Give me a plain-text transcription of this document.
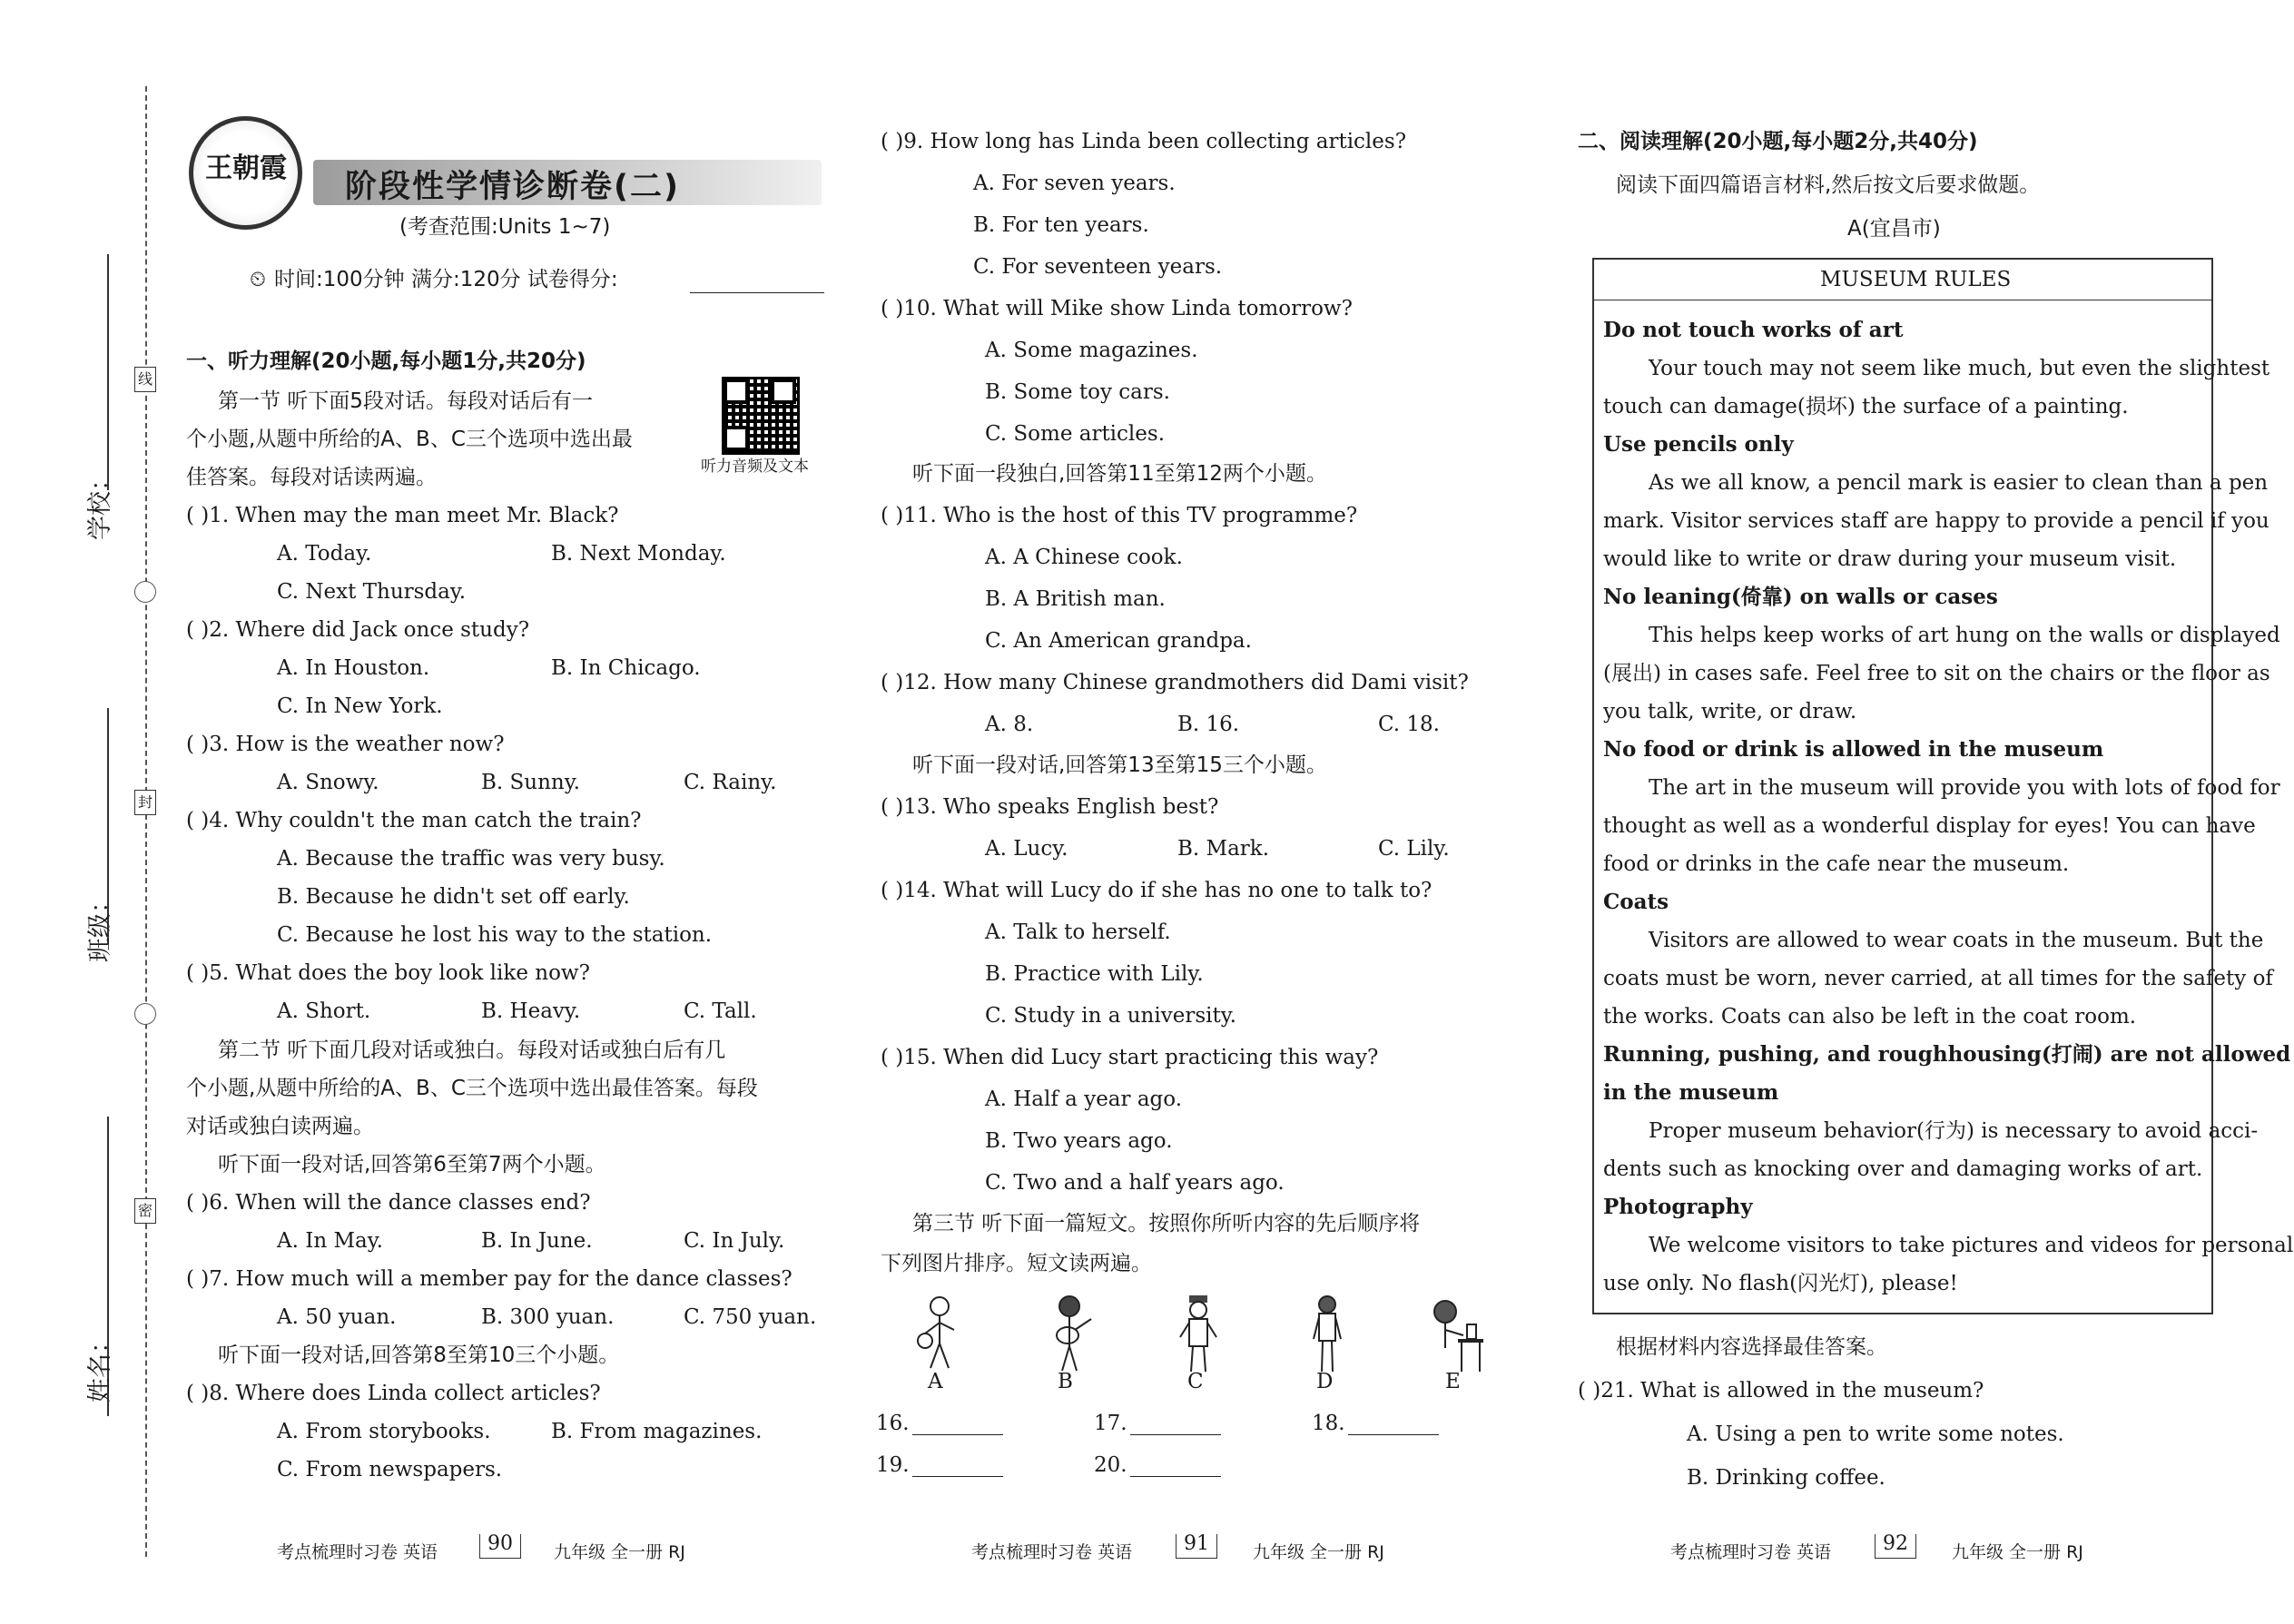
线
封
密
学校：
班级：
姓名：
王朝霞
阶段性学情诊断卷(二)
(考查范围:Units 1~7)
⏲ 时间:100分钟 满分:120分 试卷得分:
一、听力理解(20小题,每小题1分,共20分)
听力音频及文本
第一节 听下面5段对话。每段对话后有一
个小题,从题中所给的A、B、C三个选项中选出最
佳答案。每段对话读两遍。
( )1. When may the man meet Mr. Black?
A. Today.	B. Next Monday.
C. Next Thursday.
( )2. Where did Jack once study?
A. In Houston.	B. In Chicago.
C. In New York.
( )3. How is the weather now?
A. Snowy.	B. Sunny.	C. Rainy.
( )4. Why couldn't the man catch the train?
A. Because the traffic was very busy.
B. Because he didn't set off early.
C. Because he lost his way to the station.
( )5. What does the boy look like now?
A. Short.	B. Heavy.	C. Tall.
第二节 听下面几段对话或独白。每段对话或独白后有几
个小题,从题中所给的A、B、C三个选项中选出最佳答案。每段
对话或独白读两遍。
听下面一段对话,回答第6至第7两个小题。
( )6. When will the dance classes end?
A. In May.	B. In June.	C. In July.
( )7. How much will a member pay for the dance classes?
A. 50 yuan.	B. 300 yuan.	C. 750 yuan.
听下面一段对话,回答第8至第10三个小题。
( )8. Where does Linda collect articles?
A. From storybooks.	B. From magazines.
C. From newspapers.
( )9. How long has Linda been collecting articles?
A. For seven years.
B. For ten years.
C. For seventeen years.
( )10. What will Mike show Linda tomorrow?
A. Some magazines.
B. Some toy cars.
C. Some articles.
听下面一段独白,回答第11至第12两个小题。
( )11. Who is the host of this TV programme?
A. A Chinese cook.
B. A British man.
C. An American grandpa.
( )12. How many Chinese grandmothers did Dami visit?
A. 8.	B. 16.	C. 18.
听下面一段对话,回答第13至第15三个小题。
( )13. Who speaks English best?
A. Lucy.	B. Mark.	C. Lily.
( )14. What will Lucy do if she has no one to talk to?
A. Talk to herself.
B. Practice with Lily.
C. Study in a university.
( )15. When did Lucy start practicing this way?
A. Half a year ago.
B. Two years ago.
C. Two and a half years ago.
第三节 听下面一篇短文。按照你所听内容的先后顺序将
下列图片排序。短文读两遍。
A	B	C	D	E
16.	17.	18.
19.	20.
二、阅读理解(20小题,每小题2分,共40分)
阅读下面四篇语言材料,然后按文后要求做题。
A(宜昌市)
MUSEUM RULES
Do not touch works of art
Your touch may not seem like much, but even the slightest
touch can damage(损坏) the surface of a painting.
Use pencils only
As we all know, a pencil mark is easier to clean than a pen
mark. Visitor services staff are happy to provide a pencil if you
would like to write or draw during your museum visit.
No leaning(倚靠) on walls or cases
This helps keep works of art hung on the walls or displayed
(展出) in cases safe. Feel free to sit on the chairs or the floor as
you talk, write, or draw.
No food or drink is allowed in the museum
The art in the museum will provide you with lots of food for
thought as well as a wonderful display for eyes! You can have
food or drinks in the cafe near the museum.
Coats
Visitors are allowed to wear coats in the museum. But the
coats must be worn, never carried, at all times for the safety of
the works. Coats can also be left in the coat room.
Running, pushing, and roughhousing(打闹) are not allowed
in the museum
Proper museum behavior(行为) is necessary to avoid acci-
dents such as knocking over and damaging works of art.
Photography
We welcome visitors to take pictures and videos for personal
use only. No flash(闪光灯), please!
根据材料内容选择最佳答案。
( )21. What is allowed in the museum?
A. Using a pen to write some notes.
B. Drinking coffee.
考点梳理时习卷 英语	90	九年级 全一册 RJ	考点梳理时习卷 英语	91	九年级 全一册 RJ	考点梳理时习卷 英语	92	九年级 全一册 RJ
